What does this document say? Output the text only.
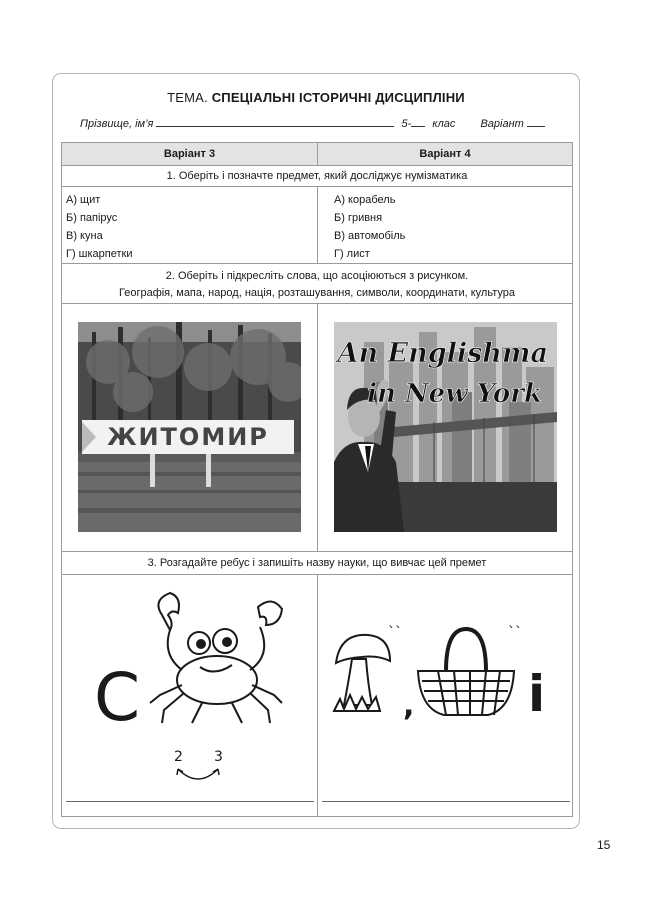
ТЕМА. СПЕЦІАЛЬНІ ІСТОРИЧНІ ДИСЦИПЛІНИ
Прізвище, ім’я	5- клас Варіант
Варіант 3	Варіант 4
1. Оберіть і позначте предмет, який досліджує нумізматика
А) щит
Б) папірус
В) куна
Г) шкарпетки
А) корабель
Б) гривня
В) автомобіль
Г) лист
2. Оберіть і підкресліть слова, що асоціюються з рисунком.
Географія, мапа, народ, нація, розташування, символи, координати, культура
ЖИТОМИР
An Englishma
in New York
3. Розгадайте ребус і запишіть назву науки, що вивчає цей премет
С
2 3
ˋˋ
,
ˋˋ
і
15
